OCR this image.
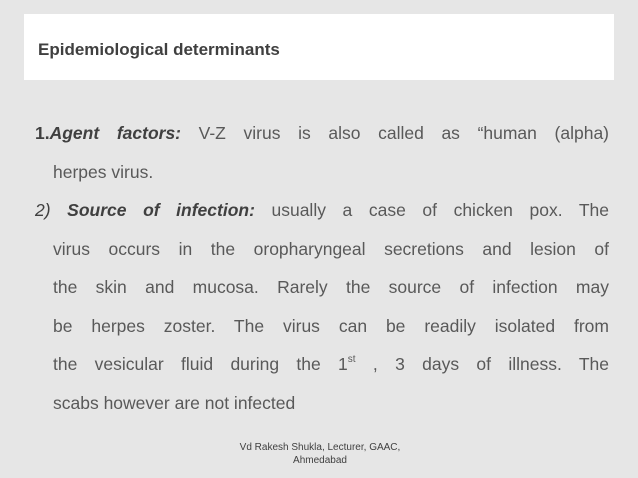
Epidemiological determinants
1.Agent factors: V-Z virus is also called as “human (alpha)
herpes virus.
2) Source of infection: usually a case of chicken pox. The
virus occurs in the oropharyngeal secretions and lesion of
the skin and mucosa. Rarely the source of infection may
be herpes zoster. The virus can be readily isolated from
the vesicular fluid during the 1st , 3 days of illness. The
scabs however are not infected
Vd Rakesh Shukla, Lecturer, GAAC,
Ahmedabad
